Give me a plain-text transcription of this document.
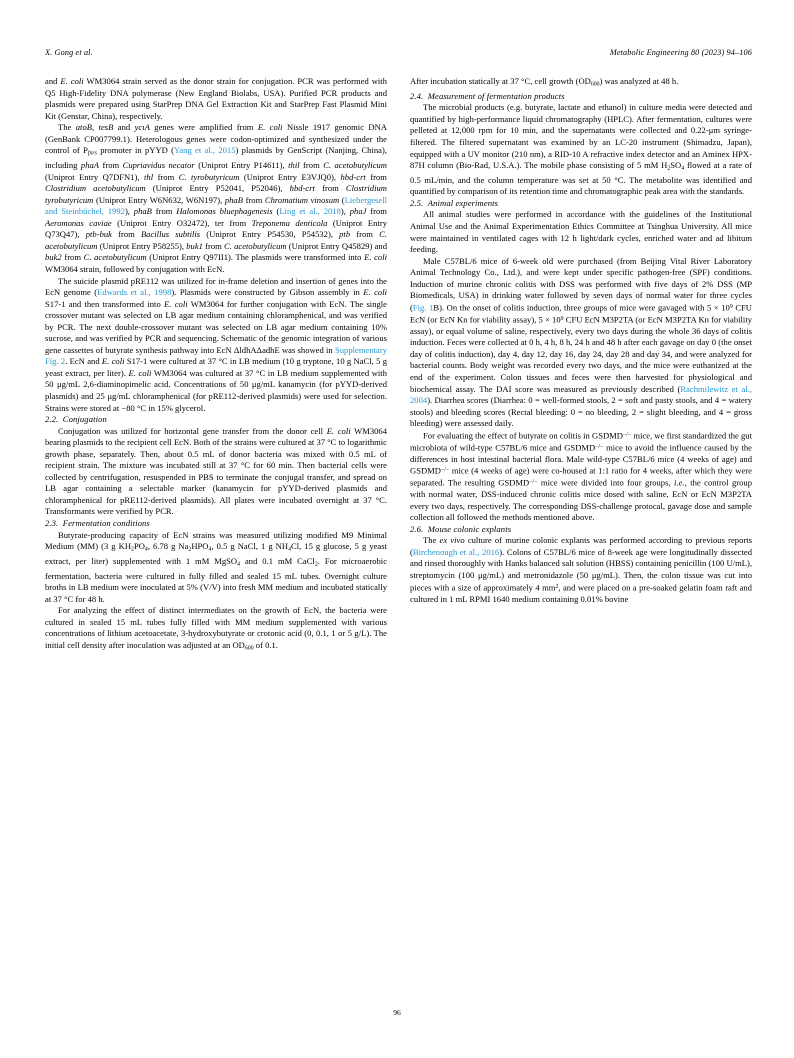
X. Gong et al.	Metabolic Engineering 80 (2023) 94–106

and E. coli WM3064 strain served as the donor strain for conjugation. PCR was performed with Q5 High-Fidelity DNA polymerase (New England Biolabs, USA). Purified PCR products and plasmids were prepared using StarPrep DNA Gel Extraction Kit and StarPrep Fast Plasmid Mini Kit (Genstar, China), respectively.

The atoB, tesB and ycıA genes were amplified from E. coli Nissle 1917 genomic DNA (GenBank CP007799.1). Heterologous genes were codon-optimized and synthesized under the control of $P_{fnrs}$ promoter in pYYD (Yang et al., 2015) plasmids by GenScript (Nanjing, China), including phaA from Cupriavidus necator (Uniprot Entry P14611), thil from C. acetobutylicum (Uniprot Entry Q7DFN1), thl from C. tyrobutyricum (Uniprot Entry E3VJQ0), hbd-crt from Clostridium acetobutylicum (Uniprot Entry P52041, P52046), hbd-crt from Clostridium tyrobutyricum (Uniprot Entry W6N632, W6N197), phaB from Chromatium vinosum (Liebergesell and Steinbüchel, 1992), phaB from Halomonas bluephagenesis (Ling et al., 2018), phaJ from Aeromonas caviae (Uniprot Entry O32472), ter from Treponema denticola (Uniprot Entry Q73Q47), ptb-buk from Bacillus subtilis (Uniprot Entry P54530, P54532), ptb from C. acetobutylicum (Uniprot Entry P58255), buk1 from C. acetobutylicum (Uniprot Entry Q45829) and buk2 from C. acetobutylicum (Uniprot Entry Q97II1). The plasmids were transformed into E. coli WM3064 strain, followed by conjugation with EcN.

The suicide plasmid pRE112 was utilized for in-frame deletion and insertion of genes into the EcN genome (Edwards et al., 1998). Plasmids were constructed by Gibson assembly in E. coli S17-1 and then transformed into E. coli WM3064 for further conjugation with EcN. The single crossover mutant was selected on LB agar medium containing chloramphenical, and was verified by PCR. The next double-crossover mutant was selected on LB agar medium containing 10% sucrose, and was verified by PCR and sequencing. Schematic of the genomic integration of various gene cassettes of butyrate synthesis pathway into EcN ΔldhAΔadhE was showed in Supplementary Fig. 2. EcN and E. coli S17-1 were cultured at 37 °C in LB medium (10 g tryptone, 10 g NaCl, 5 g yeast extract, per liter). E. coli WM3064 was cultured at 37 °C in LB medium supplemented with 50 μg/mL 2,6-diaminopimelic acid. Concentrations of 50 μg/mL kanamycin (for pYYD-derived plasmids) and 25 μg/mL chloramphenical (for pRE112-derived plasmids) were used for selection. Strains were stored at −80 °C in 15% glycerol.

2.2. Conjugation

Conjugation was utilized for horizontal gene transfer from the donor cell E. coli WM3064 bearing plasmids to the recipient cell EcN. Both of the strains were cultured at 37 °C to logarithmic growth phase, separately. Then, about 0.5 mL of donor bacteria was mixed with 0.5 mL of recipient strain. The mixture was incubated still at 37 °C for 60 min. Then bacterial cells were collected by centrifugation, resuspended in PBS to terminate the conjugal transfer, and spread on LB agar containing a selectable marker (kanamycin for pYYD-derived plasmids and chloramphenical for pRE112-derived plasmids). All plates were incubated overnight at 37 °C. Transformants were verified by PCR.

2.3. Fermentation conditions

Butyrate-producing capacity of EcN strains was measured utilizing modified M9 Minimal Medium (MM) (3 g $KH_2PO_4$, 6.78 g $Na_2HPO_4$, 0.5 g NaCl, 1 g $NH_4Cl$, 15 g glucose, 5 g yeast extract, per liter) supplemented with 1 mM MgSO$_4$ and 0.1 mM CaCl$_2$. For microaerobic fermentation, bacteria were cultured in fully filled and sealed 15 mL tubes. Overnight culture broths in LB medium were inoculated at 5% (V/V) into fresh MM medium and incubated statically at 37 °C for 48 h.

For analyzing the effect of distinct intermediates on the growth of EcN, the bacteria were cultured in sealed 15 mL tubes fully filled with MM medium supplemented with various concentrations of lithium acetoacetate, 3-hydroxybutyrate or crotonic acid (0, 0.1, 1 or 5 g/L). The initial cell density after inoculation was adjusted at an $OD_{600}$ of 0.1.

After incubation statically at 37 °C, cell growth $(OD_{600})$ was analyzed at 48 h.

2.4. Measurement of fermentation products

The microbial products (e.g. butyrate, lactate and ethanol) in culture media were detected and quantified by high-performance liquid chromatography (HPLC). After fermentation, cultures were pelleted at 12,000 rpm for 10 min, and the supernatants were collected and 0.22-μm syringe-filtered. The filtered supernatant was examined by an LC-20 instrument (Shimadzu, Japan), equipped with a UV monitor (210 nm), a RID-10 A refractive index detector and an Aminex HPX-87H column (Bio-Rad, U.S.A.). The mobile phase consisting of 5 mM $H_2SO_4$ flowed at a rate of 0.5 mL/min, and the column temperature was set at 50 °C. The metabolite was identified and quantified by comparison of its retention time and chromatographic peak area with the standards.

2.5. Animal experiments

All animal studies were performed in accordance with the guidelines of the Institutional Animal Use and the Animal Experimentation Ethics Committee at Tsinghua University. All mice were maintained in ventilated cages with 12 h light/dark cycles, enriched water and ad libitum feeding.

Male C57BL/6 mice of 6-week old were purchased (from Beijing Vital River Laboratory Animal Technology Co., Ltd.), and were kept under specific pathogen-free (SPF) conditions. Induction of murine chronic colitis with DSS was performed with five days of 2% DSS (MP Biomedicals, USA) in drinking water followed by seven days of normal water for three cycles (Fig. 1B). On the onset of colitis induction, three groups of mice were gavaged with $5 \times 10^9$ CFU EcN (or EcN Kn for viability assay), $5 \times 10^9$ CFU EcN M3P2TA (or EcN M3P2TA Kn for viability assay), or equal volume of saline, respectively, every two days during the whole 36 days of colitis induction. Feces were collected at 0 h, 4 h, 8 h, 24 h and 48 h after each gavage on day 0 (the onset day of colitis induction), day 4, day 12, day 16, day 24, day 28 and day 34, and were analyzed for bacterial counts. Body weight was recorded every two days, and the mice were euthanized at the end of the experiment. Colon tissues and feces were then harvested for physiological and biochemical assay. The DAI score was measured as previously described (Rachmilewitz et al., 2004). Diarrhea scores (Diarrhea: 0 = well-formed stools, 2 = soft and pasty stools, and 4 = watery stools) and bleeding scores (Rectal bleeding: 0 = no bleeding, 2 = slight bleeding, and 4 = gross bleeding) were assessed daily.

For evaluating the effect of butyrate on colitis in GSDMD−/− mice, we first standardized the gut microbiota of wild-type C57BL/6 mice and GSDMD−/− mice to avoid the influence caused by the differences in host intestinal bacterial flora. Male wild-type C57BL/6 mice (4 weeks of age) and GSDMD−/− mice (4 weeks of age) were co-housed at 1:1 ratio for 4 weeks, after which they were separated. The resulting GSDMD−/− mice were divided into four groups, i.e., the control group with normal water, DSS-induced chronic colitis mice dosed with saline, EcN or EcN M3P2TA every two days, respectively. The corresponding DSS-challenge protocal, gavage dose and sample collection all followed the methods mentioned above.

2.6. Mouse colonic explants

The ex vivo culture of murine colonic explants was performed according to previous reports (Birchenough et al., 2016). Colons of C57BL/6 mice of 8-week age were longitudinally dissected and rinsed thoroughly with Hanks balanced salt solution (HBSS) containing penicillin (100 U/mL), streptomycin (100 μg/mL) and metronidazole (50 μg/mL). Then, the colon tissue was cut into pieces with a size of approximately 4 $mm^2$, and were placed on a pre-soaked gelatin foam raft and cultured in 1 mL RPMI 1640 medium containing 0.01% bovine

96
